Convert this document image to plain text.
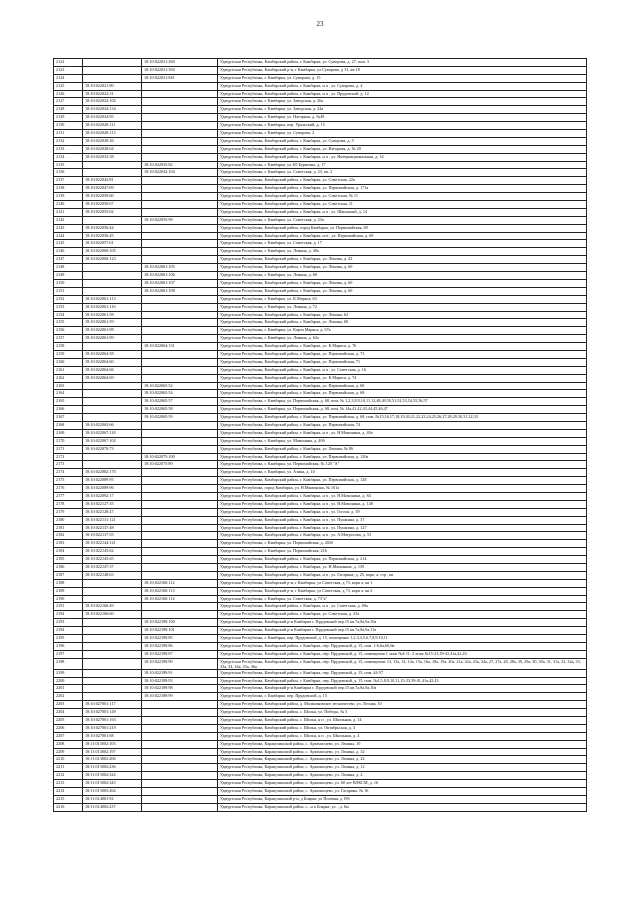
23
2122		18:10:022021:260	Удмуртская Республика, Камбарский район, г. Камбарка, ул. Суворова, д. 27, пом. 3
2123		18:10:022021:394	Удмуртская Республика, Камбарский р-н, г Камбарка, ул Суворова, д 31, кв 18
2124		18:10:022021:841	Удмуртская Республика, г. Камбарка, ул. Суворова, д. 15
2125	18:10:022021:90		Удмуртская Республика, Камбарский район, г. Камбарка, н п , ул. Суворова, д. 4
2126	18:10:022022:31		Удмуртская Республика, Камбарский район, г. Камбарка, н п , ул. Прудовской, д. 12
2127	18:10:022022:102		Удмуртская Республика, г. Камбарка, ул. Заводская, д. 26а
2128	18:10:022024:134		Удмуртская Республика, г. Камбарка, ул. Заводская, д. 24а
2129	18:10:022024:95		Удмуртская Республика, г. Камбарка, ул. Нагорная, д. №49
2130	18:10:022028:111		Удмуртская Республика, г. Камбарка, пер. Уральский, д. 15
2131	18:10:022028:113		Удмуртская Республика, г. Камбарка, ул. Суворова, 2
2132	18:10:022028:36		Удмуртская Республика, Камбарский район, г. Камбарка, ул. Суворова, д. 5
2133	18:10:022028:64		Удмуртская Республика, Камбарский район, г. Камбарка, ул. Нагорная, д. № 20
2134	18:10:022032:38		Удмуртская Республика, Камбарский район, г. Камбарка, н п , ул. Интернациональная, д. 14
2135		18:10:022035:82	Удмуртская Республика, г. Камбарка, ул. Ю Бурягина, д. 17
2136		18:10:022042:104	Удмуртская Республика, г. Камбарка, ул. Советская, д. 23, кв. 2
2137	18:10:022042:81		Удмуртская Республика, Камбарский район, г. Камбарка, ул. Советская, 22а
2138	18:10:022047:69		Удмуртская Республика, Камбарский район, г. Камбарка, ул. Первомайская, д. 171а
2139	18:10:022050:60		Удмуртская Республика, Камбарский район, г. Камбарка, ул. Советская, № 11
2140	18:10:022050:67		Удмуртская Республика, Камбарский район, г. Камбарка, ул. Советская, 11
2141	18:10:022055:62		Удмуртская Республика, Камбарский район, г. Камбарка, н п , ул. Школьный, д. 14
2142		18:10:022055:99	Удмуртская Республика, г. Камбарка, ул. Советская, д. 23а
2143	18:10:022056:44		Удмуртская Республика, Камбарский район, город Камбарка, ул. Первомайская, 69
2144	18:10:022056:45		Удмуртская Республика, Камбарский район, г. Камбарка, н-п , ул. Первомайская, д. 69
2145	18:10:022057:61		Удмуртская Республика, г. Камбарка, ул. Советская, д. 17
2146	18:10:022060:105		Удмуртская Республика, г. Камбарка, ул. Ленина, д. 40а
2147	18:10:022060:123		Удмуртская Республика, Камбарский район, г. Камбарка, ул. Ленина, д. 43
2148		18:10:022061:105	Удмуртская Республика, Камбарский район, г. Камбарка, ул. Ленина, д. 60
2149		18:10:022061:106	Удмуртская Республика, г. Камбарка, ул. Ленина, д. 60
2150		18:10:022061:107	Удмуртская Республика, Камбарский район, г. Камбарка, ул. Ленина, д. 60
2151		18:10:022061:108	Удмуртская Республика, Камбарский район, г. Камбарка, ул. Ленина, д. 60
2152	18:10:022061:113		Удмуртская Республика, г. Камбарка, ул. К.Маркса, 63
2153	18:10:022061:116		Удмуртская Республика, г. Камбарка, ул. Ленина, д. 72
2154	18:10:022061:58		Удмуртская Республика, Камбарский район, г. Камбарка, ул. Ленина, 62
2155	18:10:022061:59		Удмуртская Республика, Камбарский район, г. Камбарка, ул. Ленина, 60
2156	18:10:022061:98		Удмуртская Республика, г. Камбарка, ул. Карла Маркса, д. 67а
2157	18:10:022061:99		Удмуртская Республика, г. Камбарка, ул. Ленина, д. 62а
2158		18:10:022064:131	Удмуртская Республика, Камбарский район, г. Камбарка, ул. К.Маркса, д. 76
2159	18:10:022064:58		Удмуртская Республика, Камбарский район, г. Камбарка, ул. Первомайская, д. 73
2160	18:10:022064:60		Удмуртская Республика, Камбарский район, г. Камбарка, ул. Первомайская, 71
2161	18:10:022064:66		Удмуртская Республика, Камбарский район, г. Камбарка, н п , ул. Советская, д. 16
2162	18:10:022064:69		Удмуртская Республика, Камбарский район, г. Камбарка, ул. К.Маркса, д. 74
2163		18:10:022065:52	Удмуртская Республика, Камбарский район, г. Камбарка, ул. Первомайская, д. 68
2164		18:10:022065:54	Удмуртская Республика, Камбарский район, г. Камбарка, ул. Первомайская, д. 68
2165		18:10:022065:57	Удмуртская Республика, г. Камбарка, ул. Первомайская, д. 68, пом. № 1,2,3,8,9,10,11,12,48,49,50,51,52,53,54,55,56,57
2166		18:10:022065:58	Удмуртская Республика, г. Камбарка, ул. Первомайская, д. 68, пом. № 14а,41,42,43,44,45,46,47
2167		18:10:022065:59	Удмуртская Республика, Камбарский район, г. Камбарка, ул. Первомайская, д. 68, пом. №15,16,17,18,19,20,21,22,23,24,25,26,27,28,29,30,31,32,33
2168	18:10:022065:66		Удмуртская Республика, Камбарский район, г. Камбарка, ул. Первомайская, 74
2169	18:10:022067:118		Удмуртская Республика, Камбарский район, г. Камбарка, н п , ул. Н.Мамонина, д. 40а
2170	18:10:022067:102		Удмуртская Республика, г. Камбарка, ул. Мамонина, д. 40б
2171	18:10:022070:73		Удмуртская Республика, Камбарский район, г. Камбарка, ул. Ленина, № 86
2172		18:10:022075:100	Удмуртская Республика, Камбарский район, г. Камбарка, ул. Первомайская, д. 120а
2173		18:10:022075:89	Удмуртская Республика, г. Камбарка, ул. Первомайская, № 120 "А"
2174	18:10:022082:170		Удмуртская Республика, г. Камбарка, ул. Азина, д. 10
2175	18:10:022089:95		Удмуртская Республика, Камбарский район, г. Камбарка, ул. Первомайская, д. 128
2176	18:10:022089:96		Удмуртская Республика, город Камбарка, ул. Н.Мамонина, № 101а
2177	18:10:022092:17		Удмуртская Республика, Камбарский район, г. Камбарка, н п , ул. Н.Мамонина, д. 84
2178	18:10:022127:35		Удмуртская Республика, Камбарский район, г. Камбарка, н п , ул. Н.Мамонина, д. 148
2179	18:10:022128:47		Удмуртская Республика, Камбарский район, г. Камбарка, н п , ул. Гоголя, д. 39
2180	18:10:022131:121		Удмуртская Республика, Камбарский район, г. Камбарка, н п , ул. Пушкина, д. 37
2181	18:10:022137:48		Удмуртская Республика, Камбарский район, г. Камбарка, н п , ул. Пушкина, д. 127
2182	18:10:022137:55		Удмуртская Республика, Камбарский район, г. Камбарка, н п , ул. А.Матросова, д. 53
2183	18:10:022144:121		Удмуртская Республика, г. Камбарка, ул. Первомайская, д. 202б
2184	18:10:022145:62		Удмуртская Республика, г. Камбарка, ул. Первомайская, 216
2185	18:10:022145:65		Удмуртская Республика, Камбарский район, г. Камбарка, ул. Первомайская, д. 214
2186	18:10:022147:37		Удмуртская Республика, Камбарский район, г. Камбарка, ул. Н.Мамонина, д. 139
2187	18:10:022148:63		Удмуртская Республика, Камбарский район, г. Камбарка, н п , ул. Гагарина, д. 25, корп. а, стр , кв
2188		18:10:022166:112	Удмуртская Республика, Камбарский р-н, г Камбарка, ул Советская, д 73, корп а, кв 1
2189		18:10:022166:113	Удмуртская Республика, Камбарский р-н, г Камбарка, ул Советская, д 73, корп а, кв 2
2190		18:10:022166:114	Удмуртская Республика, г. Камбарка, ул. Советская, д. 73"а"
2191	18:10:022166:49		Удмуртская Республика, Камбарский район, г. Камбарка, н п , ул. Советская, д. 69а
2192	18:10:022166:60		Удмуртская Республика, Камбарский район, г. Камбарка, ул. Советская, д. 23а
2193		18:10:022189:100	Удмуртская Республика, Камбарский р-н Камбарка г. Прудовской пер.15 кв.7а,8а,9а,10а
2194		18:10:022189:101	Удмуртская Республика, Камбарский р-н Камбарка г. Прудовской пер.15 кв.7а,8а,9а,11а
2195		18:10:022189:85	Удмуртская Республика, г. Камбарка, пер. Прудовской, д. 15, помещение 1,2,3,4,5,6,7,8,9,10,11
2196		18:10:022189:86	Удмуртская Республика, Камбарский район, г. Камбарка, пер. Прудовской, д. 15, пом. 1-6,6а,6б,6в
2197		18:10:022189:87	Удмуртская Республика, Камбарский район, г. Камбарка, пер. Прудовской, д. 15, помещения 1 этаж №4-11, 2 этаж №15-23,39-41,41а,42,43
2198		18:10:022189:90	Удмуртская Республика, Камбарский район, г. Камбарка, пер. Прудовской, д. 15, помещения: 13, 13а, 14, 14а, 15а, 16а, 18а, 19а, 20а, 21а, 22а, 23а, 24а, 27, 27а, 28, 28а, 29, 29а, 30, 30а, 31, 31а, 32, 32а, 33, 33а, 34, 34а, 35а, 36а
2199		18:10:022189:91	Удмуртская Республика, Камбарский район, г. Камбарка, пер. Прудовской, д. 15, пом. 44-57
2200		18:10:022189:93	Удмуртская Республика, Камбарский район, г. Камбарка, пер. Прудовской, д. 15, пом. №4,5,8,9,10,11,15-23,39-41,41а,42,43
2201		18:10:022189:98	Удмуртская Республика, Камбарский р-н Камбарка г. Прудовской пер.15 кв.7а,8а,9а,10а
2202		18:10:022189:99	Удмуртская Республика, г. Камбарка, пер. Прудовской, д. 15
2203	18:10:027001:117		Удмуртская Республика, Камбарский район, д. Мальчиковское лесничество, ул. Лесная, 10
2204	18:10:027001:149		Удмуртская Республика, Камбарский район, с. Шолья, ул. Победы, № 5
2205	18:10:027001:163		Удмуртская Республика, Камбарский район, с. Шолья, н п , ул. Школьная, д. 14
2206	18:10:027001:219		Удмуртская Республика, Камбарский район, с. Шолья, ул. Октябрьская, д. 3
2207	18:10:027001:68		Удмуртская Республика, Камбарский район, с. Шолья, н п , ул. Школьная, д. 4
2208	18:11:013002:103		Удмуртская Республика, Каракулинский район, с. Арзамасцево, ул. Ленина, 10
2209	18:11:013002:197		Удмуртская Республика, Каракулинский район, с. Арзамасцево, ул. Ленина, д. 32
2210	18:11:013002:206		Удмуртская Республика, Каракулинский район, с. Арзамасцево, ул. Ленина, д. 22
2211	18:11:013002:236		Удмуртская Республика, Каракулинский район, с. Арзамасцево, ул. Ленина, д. 12
2212	18:11:013002:324		Удмуртская Республика, Каракулинский район, с. Арзамасцево, ул. Ленина, д. 2
2213	18:11:013002:343		Удмуртская Республика, Каракулинский район, с. Арзамасцево, ул. 60 лет ВЛКСМ, д. 16
2214	18:11:013005:264		Удмуртская Республика, Каракулинский район, с. Арзамасцево, ул. Гагарина, № 16
2215	18:11:014001:92		Удмуртская Республика, Каракулинский р-н, д Боярка, ул Полевая, д 19б
2216	18:11:014002:237		Удмуртская Республика, Каракулинский район, с., н п Боярка, ул. , д. 6м
